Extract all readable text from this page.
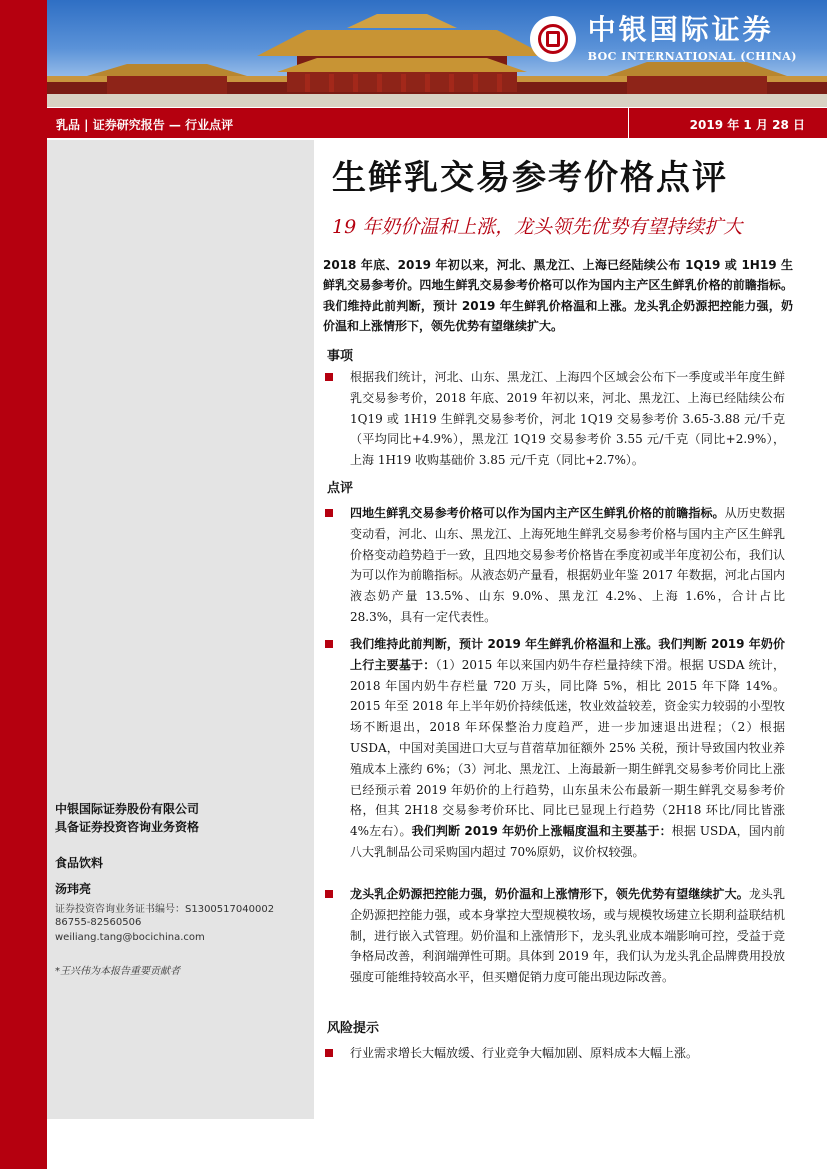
中银国际证券
BOC INTERNATIONAL (CHINA)
乳品 | 证券研究报告 — 行业点评	2019 年 1 月 28 日
中银国际证券股份有限公司
具备证券投资咨询业务资格
食品饮料
汤玮亮
证券投资咨询业务证书编号：S1300517040002
86755-82560506
weiliang.tang@bocichina.com
*王兴伟为本报告重要贡献者
生鲜乳交易参考价格点评
19 年奶价温和上涨，龙头领先优势有望持续扩大
2018 年底、2019 年初以来，河北、黑龙江、上海已经陆续公布 1Q19 或 1H19 生鲜乳交易参考价。四地生鲜乳交易参考价格可以作为国内主产区生鲜乳价格的前瞻指标。我们维持此前判断，预计 2019 年生鲜乳价格温和上涨。龙头乳企奶源把控能力强，奶价温和上涨情形下，领先优势有望继续扩大。
事项
根据我们统计，河北、山东、黑龙江、上海四个区域会公布下一季度或半年度生鲜乳交易参考价，2018 年底、2019 年初以来，河北、黑龙江、上海已经陆续公布 1Q19 或 1H19 生鲜乳交易参考价，河北 1Q19 交易参考价 3.65-3.88 元/千克（平均同比+4.9%），黑龙江 1Q19 交易参考价 3.55 元/千克（同比+2.9%），上海 1H19 收购基础价 3.85 元/千克（同比+2.7%）。
点评
四地生鲜乳交易参考价格可以作为国内主产区生鲜乳价格的前瞻指标。从历史数据变动看，河北、山东、黑龙江、上海死地生鲜乳交易参考价格与国内主产区生鲜乳价格变动趋势趋于一致，且四地交易参考价格皆在季度初或半年度初公布，我们认为可以作为前瞻指标。从液态奶产量看，根据奶业年鉴 2017 年数据，河北占国内液态奶产量 13.5%、山东 9.0%、黑龙江 4.2%、上海 1.6%，合计占比 28.3%，具有一定代表性。
我们维持此前判断，预计 2019 年生鲜乳价格温和上涨。我们判断 2019 年奶价上行主要基于：（1）2015 年以来国内奶牛存栏量持续下滑。根据 USDA 统计，2018 年国内奶牛存栏量 720 万头，同比降 5%，相比 2015 年下降 14%。2015 年至 2018 年上半年奶价持续低迷，牧业效益较差，资金实力较弱的小型牧场不断退出，2018 年环保整治力度趋严，进一步加速退出进程；（2）根据 USDA，中国对美国进口大豆与苜蓿草加征额外 25% 关税，预计导致国内牧业养殖成本上涨约 6%；（3）河北、黑龙江、上海最新一期生鲜乳交易参考价同比上涨已经预示着 2019 年奶价的上行趋势，山东虽未公布最新一期生鲜乳交易参考价格，但其 2H18 交易参考价环比、同比已显现上行趋势（2H18 环比/同比皆涨 4%左右）。我们判断 2019 年奶价上涨幅度温和主要基于：根据 USDA，国内前八大乳制品公司采购国内超过 70%原奶，议价权较强。
龙头乳企奶源把控能力强，奶价温和上涨情形下，领先优势有望继续扩大。龙头乳企奶源把控能力强，或本身掌控大型规模牧场，或与规模牧场建立长期利益联结机制，进行嵌入式管理。奶价温和上涨情形下，龙头乳业成本端影响可控，受益于竞争格局改善，利润端弹性可期。具体到 2019 年，我们认为龙头乳企品牌费用投放强度可能维持较高水平，但买赠促销力度可能出现边际改善。
风险提示
行业需求增长大幅放缓、行业竞争大幅加剧、原料成本大幅上涨。
